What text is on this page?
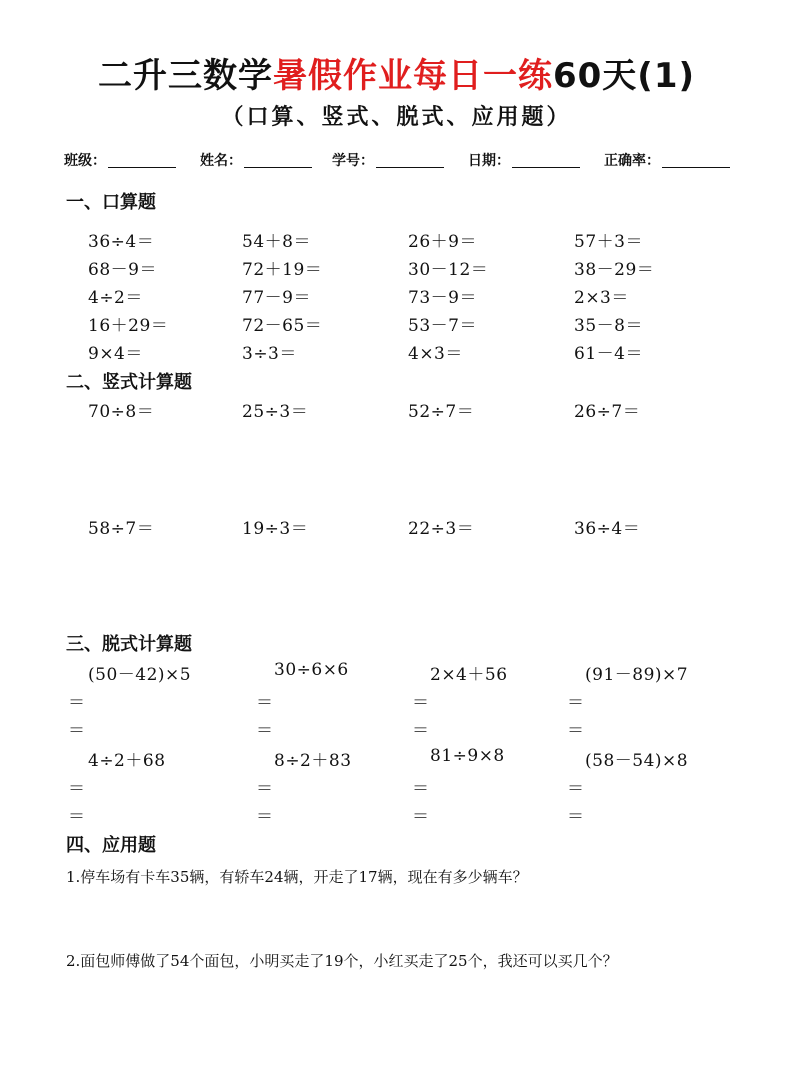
二升三数学暑假作业每日一练60天(1)
（口算、竖式、脱式、应用题）
班级：	姓名：	学号：	日期：	正确率：
一、口算题
36÷4＝	54＋8＝	26＋9＝	57＋3＝
68－9＝	72＋19＝	30－12＝	38－29＝
4÷2＝	77－9＝	73－9＝	2×3＝
16＋29＝	72－65＝	53－7＝	35－8＝
9×4＝	3÷3＝	4×3＝	61－4＝
二、竖式计算题
70÷8＝	25÷3＝	52÷7＝	26÷7＝
58÷7＝	19÷3＝	22÷3＝	36÷4＝
三、脱式计算题
(50－42)×5	30÷6×6	2×4＋56	(91－89)×7
＝	＝	＝	＝
＝	＝	＝	＝
4÷2＋68	8÷2＋83	81÷9×8	(58－54)×8
＝	＝	＝	＝
＝	＝	＝	＝
四、应用题
1.停车场有卡车35辆，有轿车24辆，开走了17辆，现在有多少辆车？
2.面包师傅做了54个面包，小明买走了19个，小红买走了25个，我还可以买几个？
